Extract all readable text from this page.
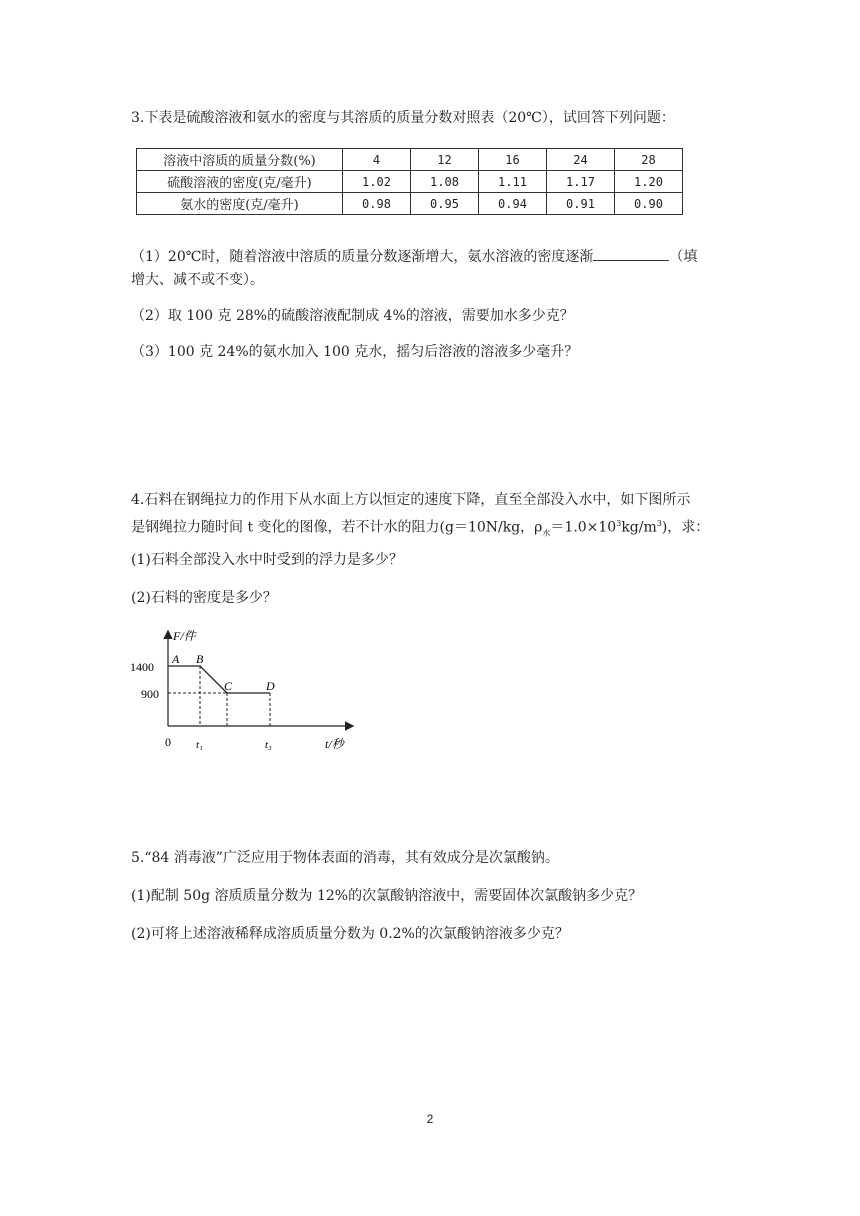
3.下表是硫酸溶液和氨水的密度与其溶质的质量分数对照表（20℃），试回答下列问题：
溶液中溶质的质量分数(%)	4	12	16	24	28
硫酸溶液的密度(克/毫升)	1.02	1.08	1.11	1.17	1.20
氨水的密度(克/毫升)	0.98	0.95	0.94	0.91	0.90
（1）20℃时，随着溶液中溶质的质量分数逐渐增大，氨水溶液的密度逐渐	（填
增大、减不或不变）。
（2）取 100 克 28%的硫酸溶液配制成 4%的溶液，需要加水多少克？
（3）100 克 24%的氨水加入 100 克水，摇匀后溶液的溶液多少毫升？
4.石料在钢绳拉力的作用下从水面上方以恒定的速度下降，直至全部没入水中，如下图所示
是钢绳拉力随时间 t 变化的图像，若不计水的阻力(g＝10N/kg，$\rho_水=1.0\times 10^3kg/m^3$)，求：
(1)石料全部没入水中时受到的浮力是多少？
(2)石料的密度是多少？
F/件
1400
900
0 t₁	t₃	t/秒
A B
C	D
5.“84 消毒液”广泛应用于物体表面的消毒，其有效成分是次氯酸钠。
(1)配制 50g 溶质质量分数为 12%的次氯酸钠溶液中，需要固体次氯酸钠多少克？
(2)可将上述溶液稀释成溶质质量分数为 0.2%的次氯酸钠溶液多少克？
2
